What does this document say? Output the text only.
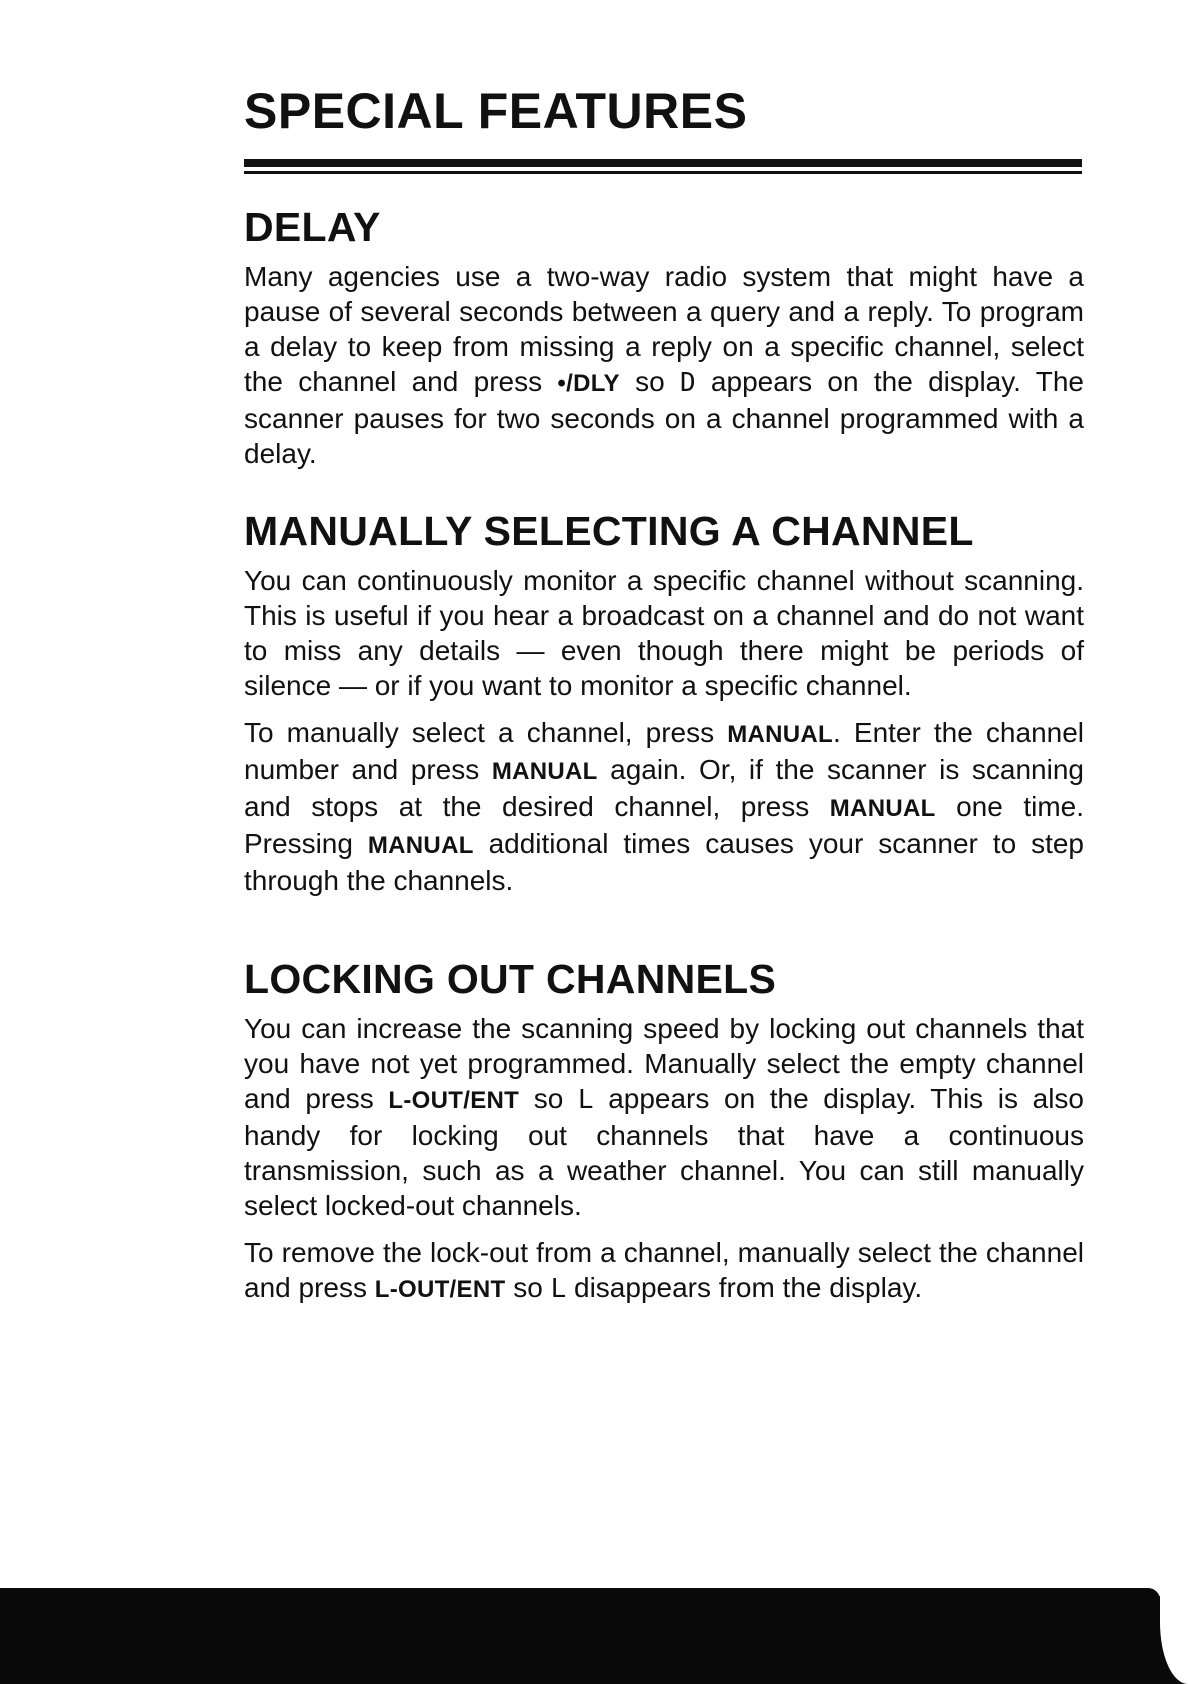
SPECIAL FEATURES
DELAY

Many agencies use a two-way radio system that might have a pause of several seconds between a query and a reply. To program a delay to keep from missing a reply on a specific channel, select the channel and press •/DLY so D appears on the display. The scanner pauses for two seconds on a channel programmed with a delay.

MANUALLY SELECTING A CHANNEL

You can continuously monitor a specific channel without scanning. This is useful if you hear a broadcast on a channel and do not want to miss any details — even though there might be periods of silence — or if you want to monitor a specific channel.

To manually select a channel, press MANUAL. Enter the channel number and press MANUAL again. Or, if the scanner is scanning and stops at the desired channel, press MANUAL one time. Pressing MANUAL additional times causes your scanner to step through the channels.

LOCKING OUT CHANNELS

You can increase the scanning speed by locking out channels that you have not yet programmed. Manually select the empty channel and press L-OUT/ENT so L appears on the display. This is also handy for locking out channels that have a continuous transmission, such as a weather channel. You can still manually select locked-out channels.

To remove the lock-out from a channel, manually select the channel and press L-OUT/ENT so L disappears from the display.
